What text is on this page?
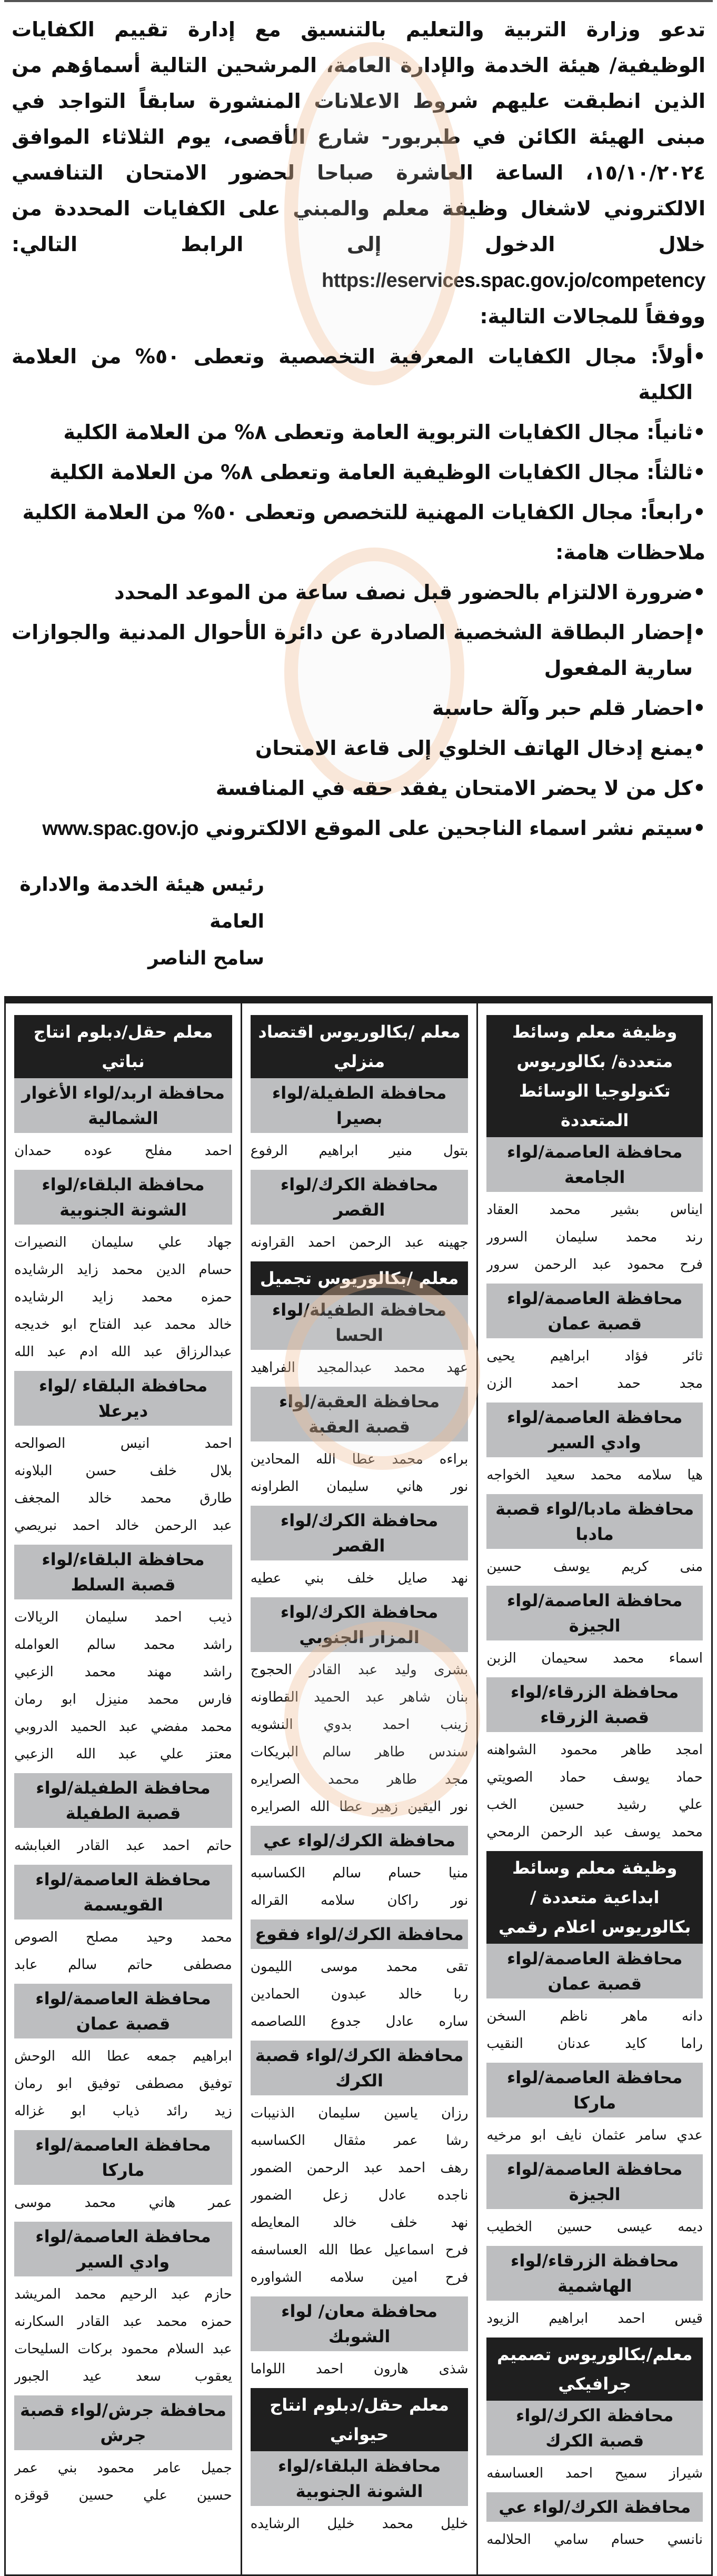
تدعو وزارة التربية والتعليم بالتنسيق مع إدارة تقييم الكفايات الوظيفية/ هيئة الخدمة والإدارة العامة، المرشحين التالية أسماؤهم من الذين انطبقت عليهم شروط الاعلانات المنشورة سابقاً التواجد في مبنى الهيئة الكائن في طبربور- شارع الأقصى، يوم الثلاثاء الموافق ١٥/١٠/٢٠٢٤، الساعة العاشرة صباحا لحضور الامتحان التنافسي الالكتروني لاشغال وظيفة معلم والمبني على الكفايات المحددة من خلال الدخول إلى الرابط التالي: https://eservices.spac.gov.jo/competency

ووفقاً للمجالات التالية:

• أولاً: مجال الكفايات المعرفية التخصصية وتعطى ٥٠% من العلامة الكلية
• ثانياً: مجال الكفايات التربوية العامة وتعطى ٨% من العلامة الكلية
• ثالثاً: مجال الكفايات الوظيفية العامة وتعطى ٨% من العلامة الكلية
• رابعاً: مجال الكفايات المهنية للتخصص وتعطى ٥٠% من العلامة الكلية

ملاحظات هامة:

• ضرورة الالتزام بالحضور قبل نصف ساعة من الموعد المحدد
• إحضار البطاقة الشخصية الصادرة عن دائرة الأحوال المدنية والجوازات سارية المفعول
• احضار قلم حبر وآلة حاسبة
• يمنع إدخال الهاتف الخلوي إلى قاعة الامتحان
• كل من لا يحضر الامتحان يفقد حقه في المنافسة
• سيتم نشر اسماء الناجحين على الموقع الالكتروني www.spac.gov.jo
رئيس هيئة الخدمة والادارة العامة
سامح الناصر
وظيفة معلم وسائط متعددة/ بكالوريوس تكنولوجيا الوسائط المتعددة
محافظة العاصمة/لواء الجامعة
ايناس بشير محمد العقاد
رند محمد سليمان السرور
فرح محمود عبد الرحمن سرور
محافظة العاصمة/لواء قصبة عمان
ثائر فؤاد ابراهيم يحيى
مجد حمد احمد الزن
محافظة العاصمة/لواء وادي السير
هيا سلامه محمد سعيد الخواجه
محافظة مادبا/لواء قصبة مادبا
منى كريم يوسف حسين
محافظة العاصمة/لواء الجيزة
اسماء محمد سحيمان الزبن
محافظة الزرقاء/لواء قصبة الزرقاء
امجد طاهر محمود الشواهنه
حماد يوسف حماد الصويتي
علي رشيد حسين الخب
محمد يوسف عبد الرحمن الرمحي
وظيفة معلم وسائط ابداعية متعددة /بكالوريوس اعلام رقمي
محافظة العاصمة/لواء قصبة عمان
دانه ماهر ناظم السخن
راما كايد عدنان النقيب
محافظة العاصمة/لواء ماركا
عدي سامر عثمان نايف ابو مرخيه
محافظة العاصمة/لواء الجيزة
ديمه عيسى حسين الخطيب
محافظة الزرقاء/لواء الهاشمية
قيس احمد ابراهيم الزيود
معلم/بكالوريوس تصميم جرافيكي
محافظة الكرك/لواء قصبة الكرك
شيراز سميح احمد العساسفه
محافظة الكرك/لواء عي
نانسي حسام سامي الحلالمه
معلم /بكالوريوس اقتصاد منزلي
محافظة الطفيلة/لواء بصيرا
بتول منير ابراهيم الرفوع
محافظة الكرك/لواء القصر
جهينه عبد الرحمن احمد القراونه
معلم /بكالوريوس تجميل
محافظة الطفيلة/لواء الحسا
عهد محمد عبدالمجيد الفراهيد
محافظة العقبة/لواء قصبة العقبة
براءه محمد عطا الله المحادين
نور هاني سليمان الطراونه
محافظة الكرك/لواء القصر
نهد صايل خلف بني عطيه
محافظة الكرك/لواء المزار الجنوبي
بشرى وليد عبد القادر الحجوج
بنان شاهر عبد الحميد القطاونه
زينب احمد بدوي النشويه
سندس طاهر سالم البريكات
مجد طاهر محمد الصرايره
نور اليقين زهير عطا الله الصرايره
محافظة الكرك/لواء عي
منيا حسام سالم الكساسبه
نور راكان سلامه القراله
محافظة الكرك/لواء فقوع
تقى محمد موسى الليمون
ربا خالد عبدون الحمادين
ساره عادل جدوع اللصاصمه
محافظة الكرك/لواء قصبة الكرك
رزان ياسين سليمان الذنيبات
رشا عمر مثقال الكساسبه
رهف احمد عبد الرحمن الضمور
ناجده عادل زعل الضمور
نهد خلف خالد المعايطه
فرح اسماعيل عطا الله العساسفه
فرح امين سلامه الشواوره
محافظة معان/ لواء الشوبك
شذى هارون احمد اللواما
معلم حقل/دبلوم انتاج حيواني
محافظة البلقاء/لواء الشونة الجنوبية
خليل محمد خليل الرشايده
معلم حقل/دبلوم انتاج نباتي
محافظة اربد/لواء الأغوار الشمالية
احمد مفلح عوده حمدان
محافظة البلقاء/لواء الشونة الجنوبية
جهاد علي سليمان النصيرات
حسام الدين محمد زايد الرشايده
حمزه محمد زايد الرشايده
خالد محمد عبد الفتاح ابو خديجه
عبدالرزاق عبد الله ادم عبد الله
محافظة البلقاء /لواء ديرعلا
احمد انيس الصوالحه
بلال خلف حسن البلاونه
طارق محمد خالد المجغف
عبد الرحمن خالد احمد نبريصي
محافظة البلقاء/لواء قصبة السلط
ذيب احمد سليمان الريالات
راشد محمد سالم العوامله
راشد مهند محمد الزعبي
فارس محمد منيزل ابو رمان
محمد مفضي عبد الحميد الدروبي
معتز علي عبد الله الزعبي
محافظة الطفيلة/لواء قصبة الطفيلة
حاتم احمد عبد القادر الغبابشه
محافظة العاصمة/لواء القويسمة
محمد وحيد مصلح الصوص
مصطفى حاتم سالم عابد
محافظة العاصمة/لواء قصبة عمان
ابراهيم جمعه عطا الله الوحش
توفيق مصطفى توفيق ابو رمان
زيد رائد ذياب ابو غزاله
محافظة العاصمة/لواء ماركا
عمر هاني محمد موسى
محافظة العاصمة/لواء وادي السير
حازم عبد الرحيم محمد المريشد
حمزه محمد عبد القادر السكارنه
عبد السلام محمود بركات السليحات
يعقوب سعد عيد الجبور
محافظة جرش/لواء قصبة جرش
جميل عامر محمود بني عمر
حسين علي حسين قوقزه
